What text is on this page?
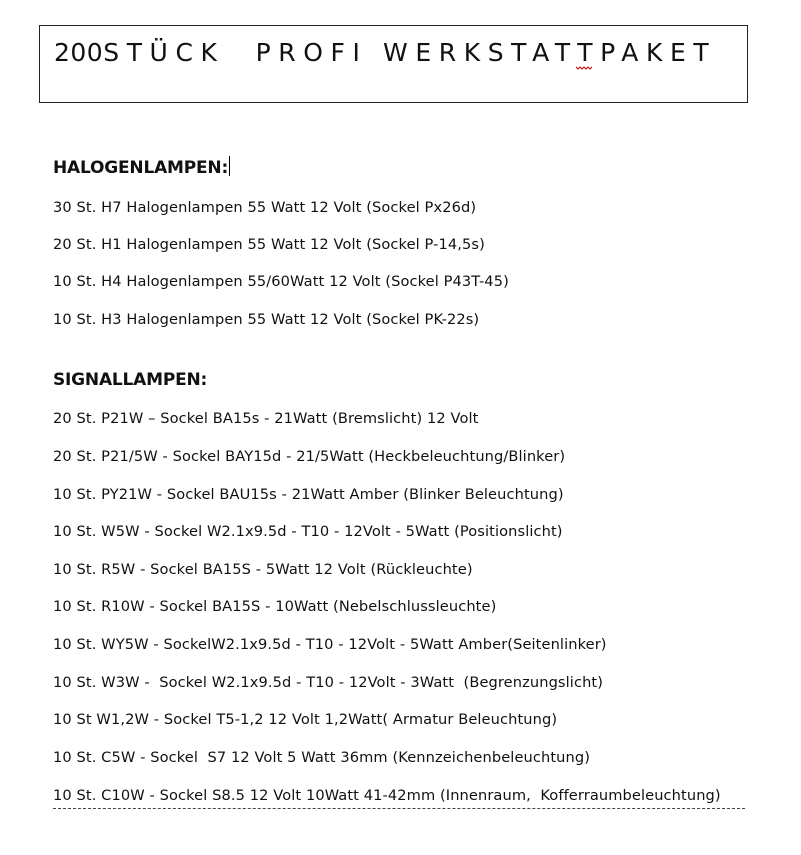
200STÜCK  PROFI WERKSTATTPAKET
HALOGENLAMPEN:
30 St. H7 Halogenlampen 55 Watt 12 Volt (Sockel Px26d)
20 St. H1 Halogenlampen 55 Watt 12 Volt (Sockel P-14,5s)
10 St. H4 Halogenlampen 55/60Watt 12 Volt (Sockel P43T-45)
10 St. H3 Halogenlampen 55 Watt 12 Volt (Sockel PK-22s)
SIGNALLAMPEN:
20 St. P21W – Sockel BA15s - 21Watt (Bremslicht) 12 Volt
20 St. P21/5W - Sockel BAY15d - 21/5Watt (Heckbeleuchtung/Blinker)
10 St. PY21W - Sockel BAU15s - 21Watt Amber (Blinker Beleuchtung)
10 St. W5W - Sockel W2.1x9.5d - T10 - 12Volt - 5Watt (Positionslicht)
10 St. R5W - Sockel BA15S - 5Watt 12 Volt (Rückleuchte)
10 St. R10W - Sockel BA15S - 10Watt (Nebelschlussleuchte)
10 St. WY5W - SockelW2.1x9.5d - T10 - 12Volt - 5Watt Amber(Seitenlinker)
10 St. W3W -  Sockel W2.1x9.5d - T10 - 12Volt - 3Watt  (Begrenzungslicht)
10 St W1,2W - Sockel T5-1,2 12 Volt 1,2Watt( Armatur Beleuchtung)
10 St. C5W - Sockel  S7 12 Volt 5 Watt 36mm (Kennzeichenbeleuchtung)
10 St. C10W - Sockel S8.5 12 Volt 10Watt 41-42mm (Innenraum,  Kofferraumbeleuchtung)
